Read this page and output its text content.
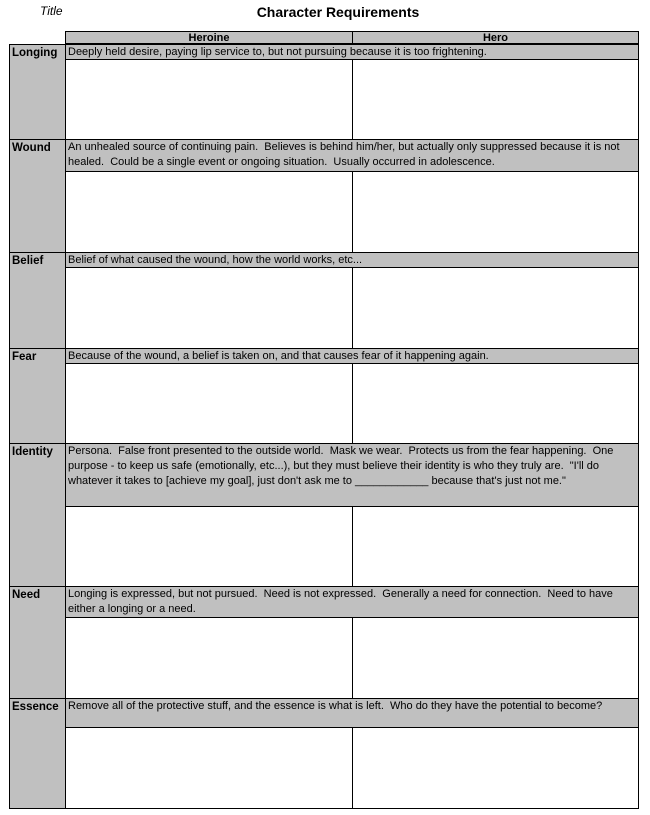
Title	Character Requirements
Heroine	Hero
Longing Deeply held desire, paying lip service to, but not pursuing because it is too frightening.
Wound	An unhealed source of continuing pain.  Believes is behind him/her, but actually only suppressed because it is not healed.  Could be a single event or ongoing situation.  Usually occurred in adolescence.
Belief	Belief of what caused the wound, how the world works, etc...
Fear	Because of the wound, a belief is taken on, and that causes fear of it happening again.
Identity	Persona.  False front presented to the outside world.  Mask we wear.  Protects us from the fear happening.  One purpose - to keep us safe (emotionally, etc...), but they must believe their identity is who they truly are.  "I'll do whatever it takes to [achieve my goal], just don't ask me to ____________ because that's just not me."
Need	Longing is expressed, but not pursued.  Need is not expressed.  Generally a need for connection.  Need to have either a longing or a need.
Essence Remove all of the protective stuff, and the essence is what is left.  Who do they have the potential to become?
